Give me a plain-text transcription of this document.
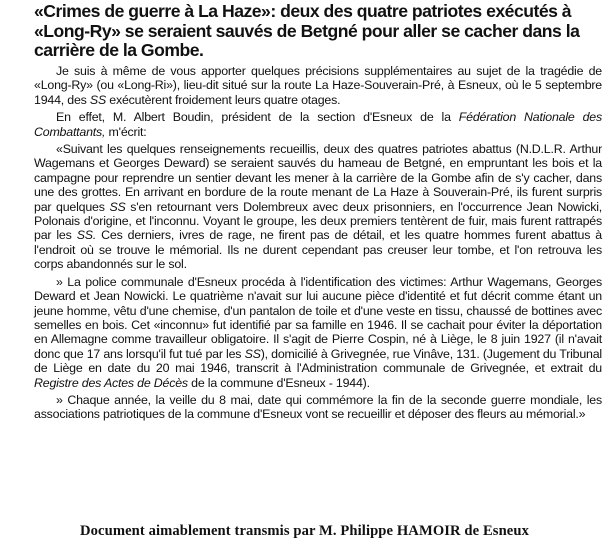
«Crimes de guerre à La Haze»: deux des quatre patriotes exécutés à «Long-Ry» se seraient sauvés de Betgné pour aller se cacher dans la carrière de la Gombe.

Je suis à même de vous apporter quelques précisions supplémentaires au sujet de la tragédie de «Long-Ry» (ou «Long-Ri»), lieu-dit situé sur la route La Haze-Souverain-Pré, à Esneux, où le 5 septembre 1944, des SS exécutèrent froidement leurs quatre otages.

En effet, M. Albert Boudin, président de la section d'Esneux de la Fédération Nationale des Combattants, m'écrit:

«Suivant les quelques renseignements recueillis, deux des quatres patriotes abattus (N.D.L.R. Arthur Wagemans et Georges Deward) se seraient sauvés du hameau de Betgné, en empruntant les bois et la campagne pour reprendre un sentier devant les mener à la carrière de la Gombe afin de s'y cacher, dans une des grottes. En arrivant en bordure de la route menant de La Haze à Souverain-Pré, ils furent surpris par quelques SS s'en retournant vers Dolembreux avec deux prisonniers, en l'occurrence Jean Nowicki, Polonais d'origine, et l'inconnu. Voyant le groupe, les deux premiers tentèrent de fuir, mais furent rattrapés par les SS. Ces derniers, ivres de rage, ne firent pas de détail, et les quatre hommes furent abattus à l'endroit où se trouve le mémorial. Ils ne durent cependant pas creuser leur tombe, et l'on retrouva les corps abandonnés sur le sol.

» La police communale d'Esneux procéda à l'identification des victimes: Arthur Wagemans, Georges Deward et Jean Nowicki. Le quatrième n'avait sur lui aucune pièce d'identité et fut décrit comme étant un jeune homme, vêtu d'une chemise, d'un pantalon de toile et d'une veste en tissu, chaussé de bottines avec semelles en bois. Cet «inconnu» fut identifié par sa famille en 1946. Il se cachait pour éviter la déportation en Allemagne comme travailleur obligatoire. Il s'agit de Pierre Cospin, né à Liège, le 8 juin 1927 (il n'avait donc que 17 ans lorsqu'il fut tué par les SS), domicilié à Grivegnée, rue Vinâve, 131. (Jugement du Tribunal de Liège en date du 20 mai 1946, transcrit à l'Administration communale de Grivegnée, et extrait du Registre des Actes de Décès de la commune d'Esneux - 1944).

» Chaque année, la veille du 8 mai, date qui commémore la fin de la seconde guerre mondiale, les associations patriotiques de la commune d'Esneux vont se recueillir et déposer des fleurs au mémorial.»

Document aimablement transmis par M. Philippe HAMOIR de Esneux
